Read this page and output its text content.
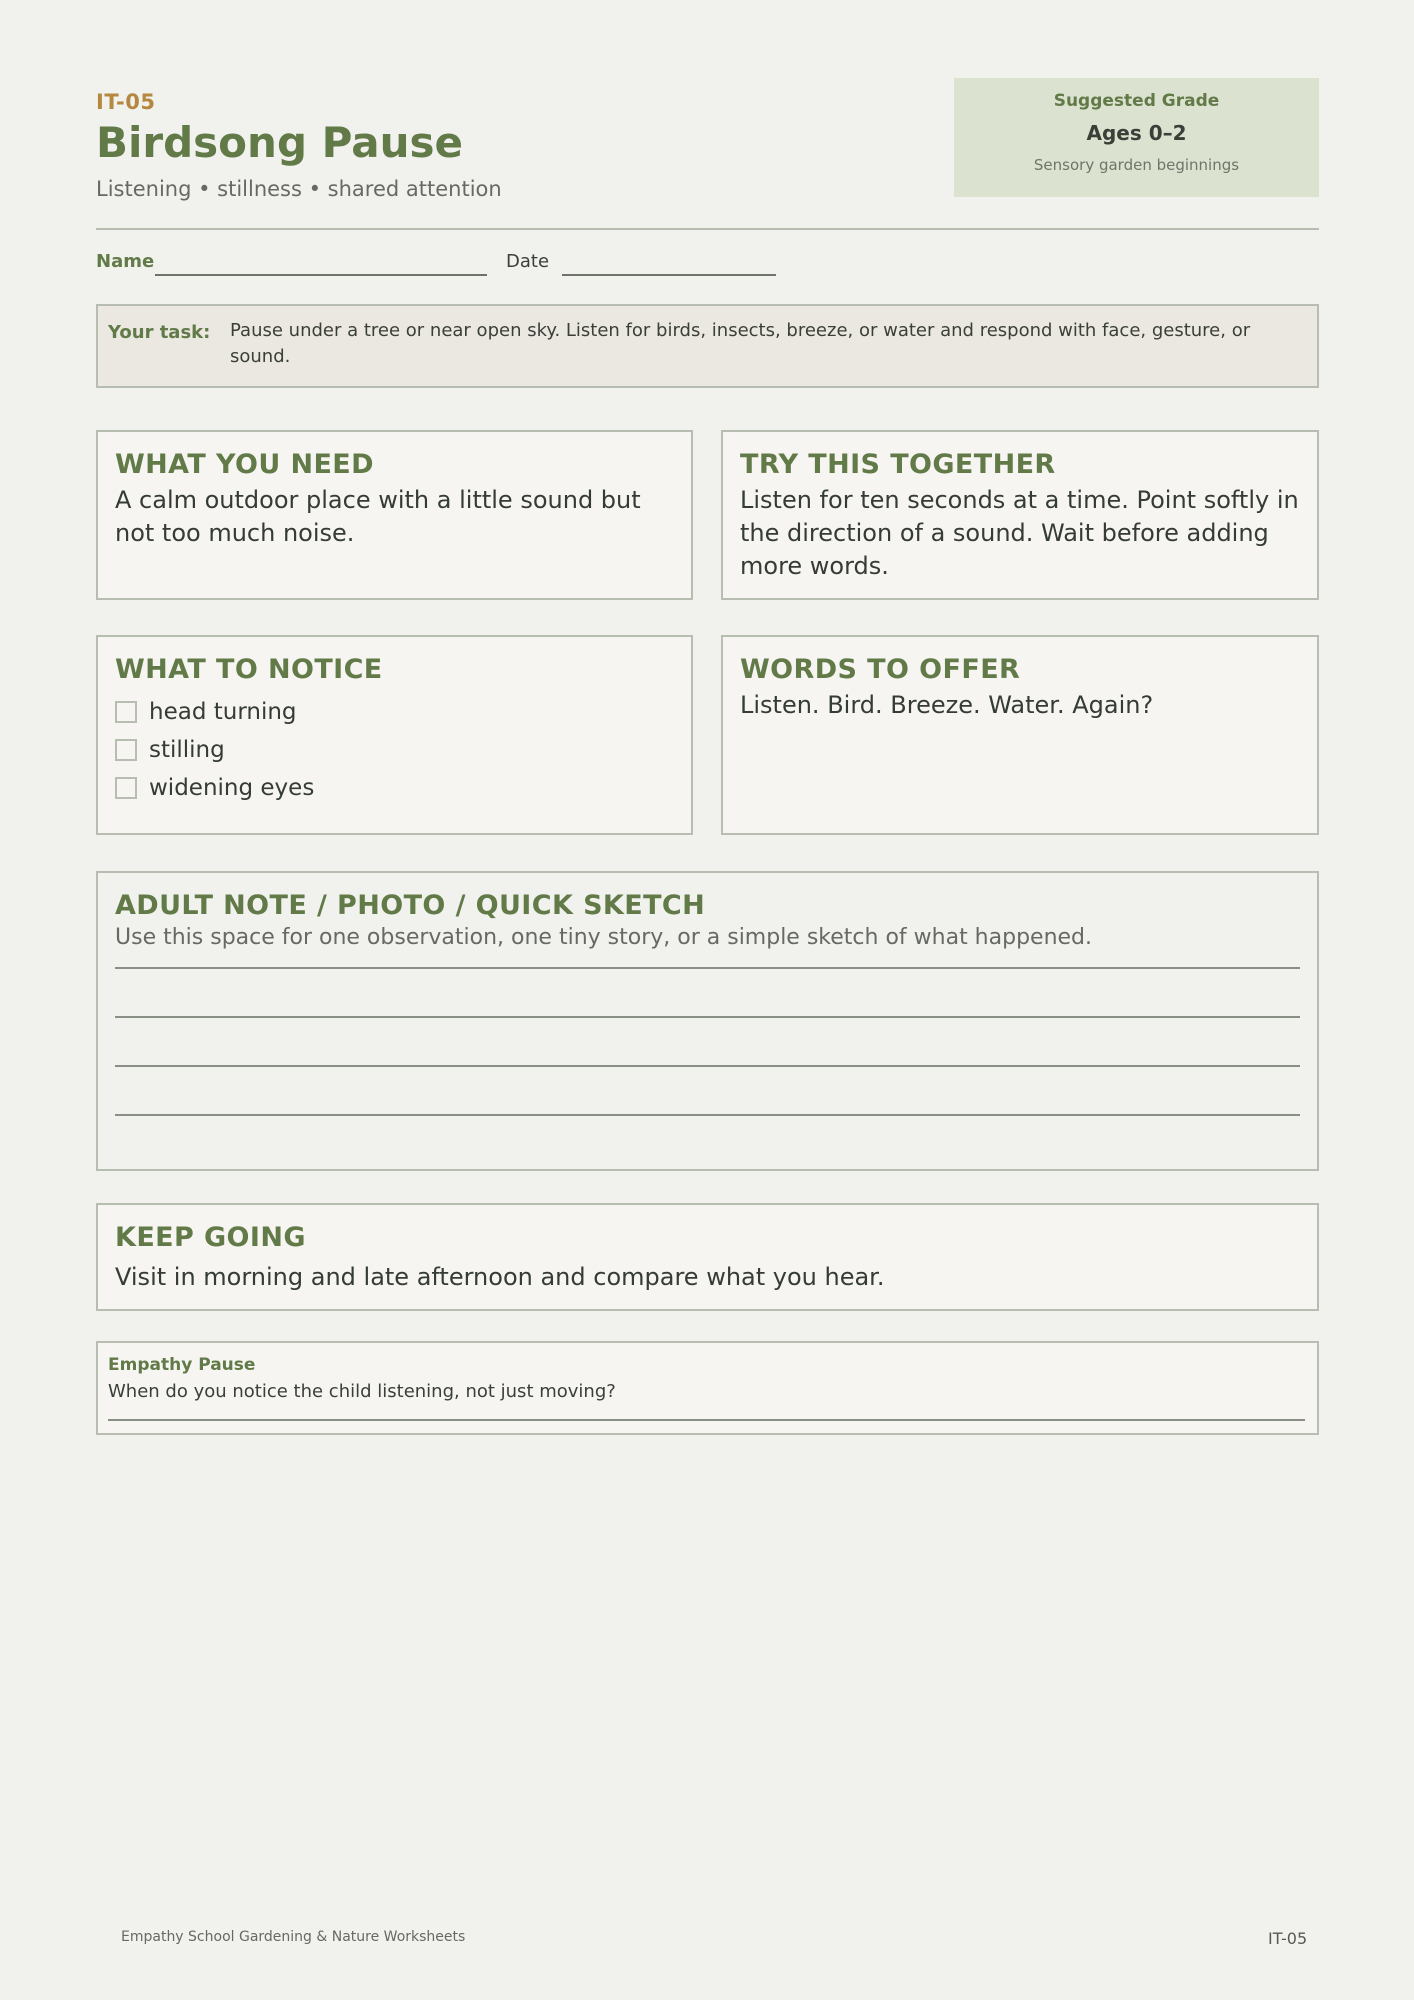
IT-05
Birdsong Pause
Listening • stillness • shared attention
Suggested Grade
Ages 0–2
Sensory garden beginnings
Name	Date
Your task: Pause under a tree or near open sky. Listen for birds, insects, breeze, or water and respond with face, gesture, or sound.
WHAT YOU NEED
A calm outdoor place with a little sound but not too much noise.
TRY THIS TOGETHER
Listen for ten seconds at a time. Point softly in the direction of a sound. Wait before adding more words.
WHAT TO NOTICE
head turning
stilling
widening eyes
WORDS TO OFFER
Listen. Bird. Breeze. Water. Again?
ADULT NOTE / PHOTO / QUICK SKETCH
Use this space for one observation, one tiny story, or a simple sketch of what happened.
KEEP GOING
Visit in morning and late afternoon and compare what you hear.
Empathy Pause
When do you notice the child listening, not just moving?
Empathy School Gardening & Nature Worksheets	IT-05
